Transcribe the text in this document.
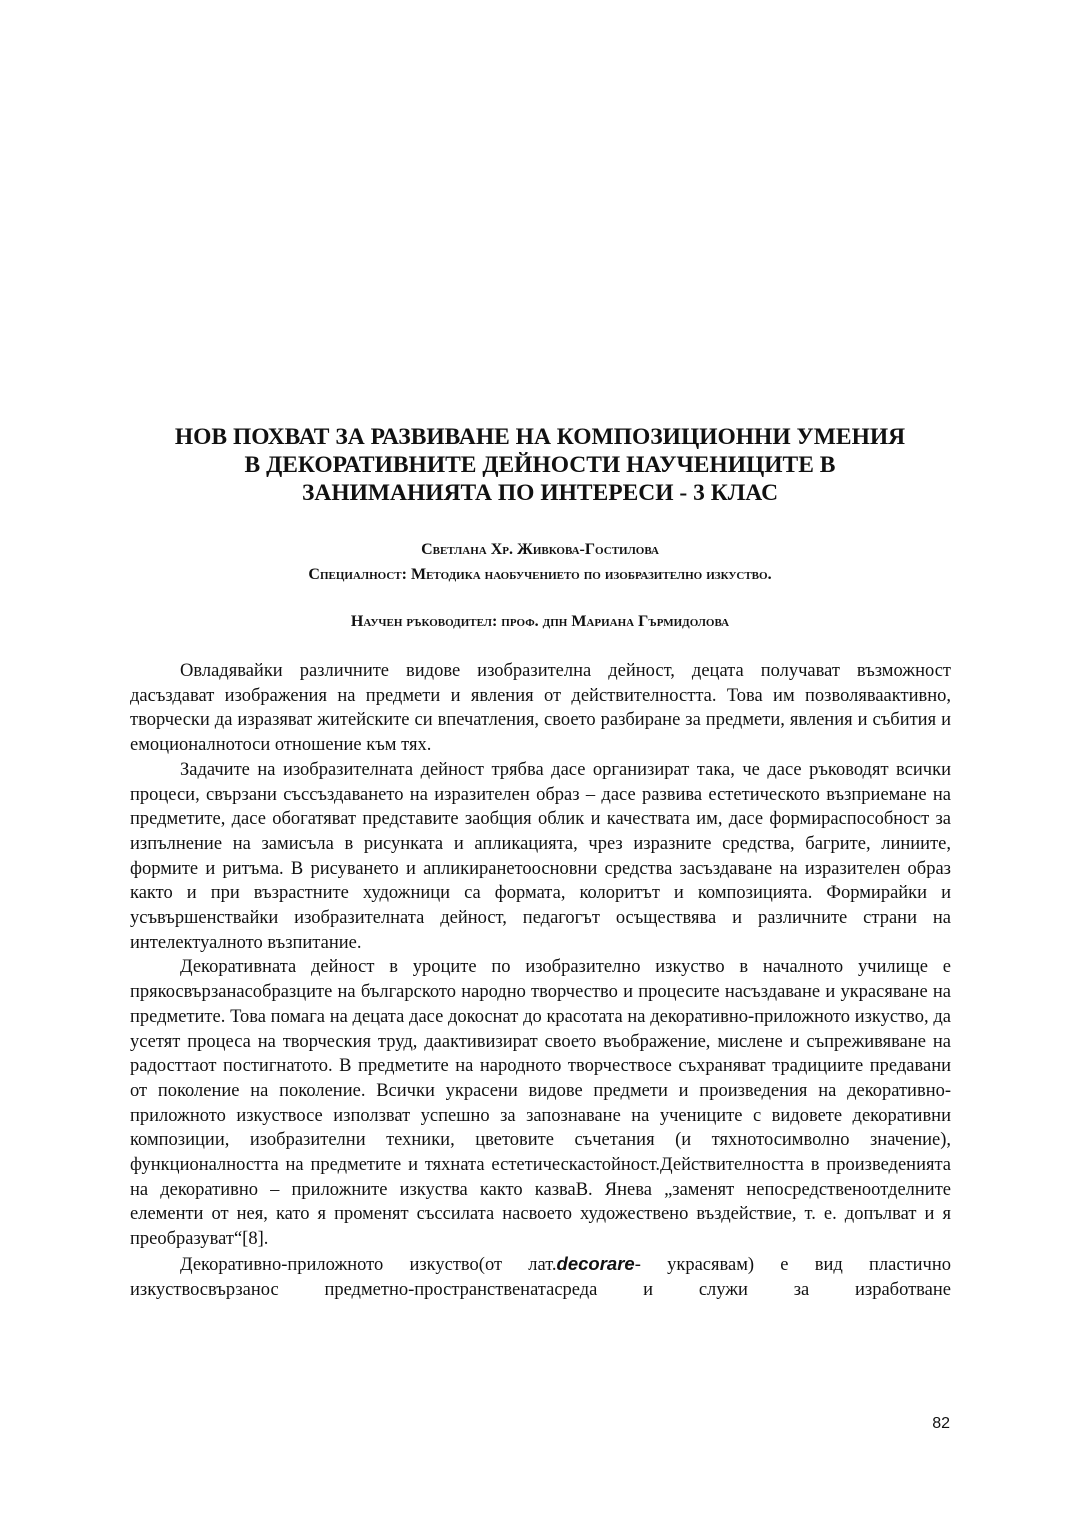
НОВ ПОХВАТ ЗА РАЗВИВАНЕ НА КОМПОЗИЦИОННИ УМЕНИЯ
В ДЕКОРАТИВНИТЕ ДЕЙНОСТИ НАУЧЕНИЦИТЕ В
ЗАНИМАНИЯТА ПО ИНТЕРЕСИ - 3 КЛАС
Светлана Хр. Живкова-Гостилова
Специалност: Методика наобучението по изобразително изкуство.
Научен ръководител: проф. дпн Мариана Гърмидолова

Овладявайки различните видове изобразителна дейност, децата получават възможност дасъздават изображения на предмети и явления от действителността. Това им позволяваактивно, творчески да изразяват житейските си впечатления, своето разбиране за предмети, явления и събития и емоционалнотоси отношение към тях.

Задачите на изобразителната дейност трябва дасе организират така, че дасе ръководят всички процеси, свързани съссъздаването на изразителен образ – дасе развива естетическото възприемане на предметите, дасе обогатяват представите заобщия облик и качествата им, дасе формираспособност за изпълнение на замисъла в рисунката и апликацията, чрез изразните средства, багрите, линиите, формите и ритъма. В рисуването и апликиранетоосновни средства засъздаване на изразителен образ както и при възрастните художници са формата, колоритът и композицията. Формирайки и усъвършенствайки изобразителната дейност, педагогът осъществява и различните страни на интелектуалното възпитание.

Декоративната дейност в уроците по изобразително изкуство в началното училище е прякосвързанасобразците на българското народно творчество и процесите насъздаване и украсяване на предметите. Това помага на децата дасе докоснат до красотата на декоративно-приложното изкуство, да усетят процеса на творческия труд, даактивизират своето въображение, мислене и съпреживяване на радосттаот постигнатото. В предметите на народното творчествосе съхраняват традициите предавани от поколение на поколение. Всички украсени видове предмети и произведения на декоративно-приложното изкуствосе използват успешно за запознаване на учениците с видовете декоративни композиции, изобразителни техники, цветовите съчетания (и тяхнотосимволно значение), функционалността на предметите и тяхната естетическастойност.Действителността в произведенията на декоративно – приложните изкуства както казваВ. Янева „заменят непосредственоотделните елементи от нея, като я променят съссилата насвоето художествено въздействие, т. е. допълват и я преобразуват“[8].

Декоративно-приложното изкуство(от лат.decorare- украсявам) е вид пластично изкуствосвързанос предметно-пространственатасреда и служи за изработване

82
